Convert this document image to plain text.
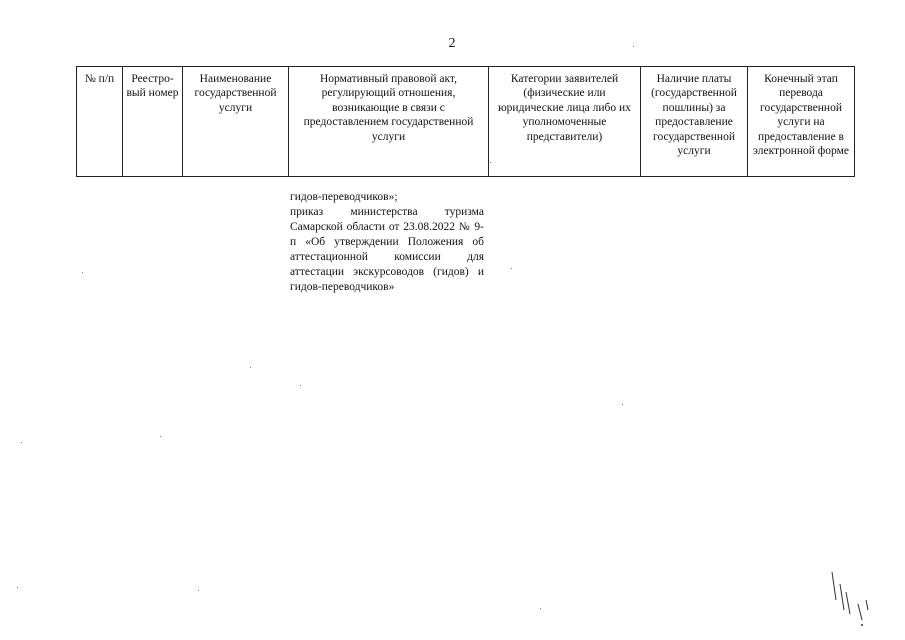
2
№ п/п	Реестро-вый номер	Наименование государственной услуги	Нормативный правовой акт, регулирующий отношения, возникающие в связи с предоставлением государственной услуги	Категории заявителей (физические или юридические лица либо их уполномоченные представители)	Наличие платы (государственной пошлины) за предоставление государственной услуги	Конечный этап перевода государственной услуги на предоставление в электронной форме

гидов-переводчиков»;

приказ министерства туризма Самарской области от 23.08.2022 № 9-п «Об утверждении Положения об аттестационной комиссии для аттестации экскурсоводов (гидов) и гидов-переводчиков»
